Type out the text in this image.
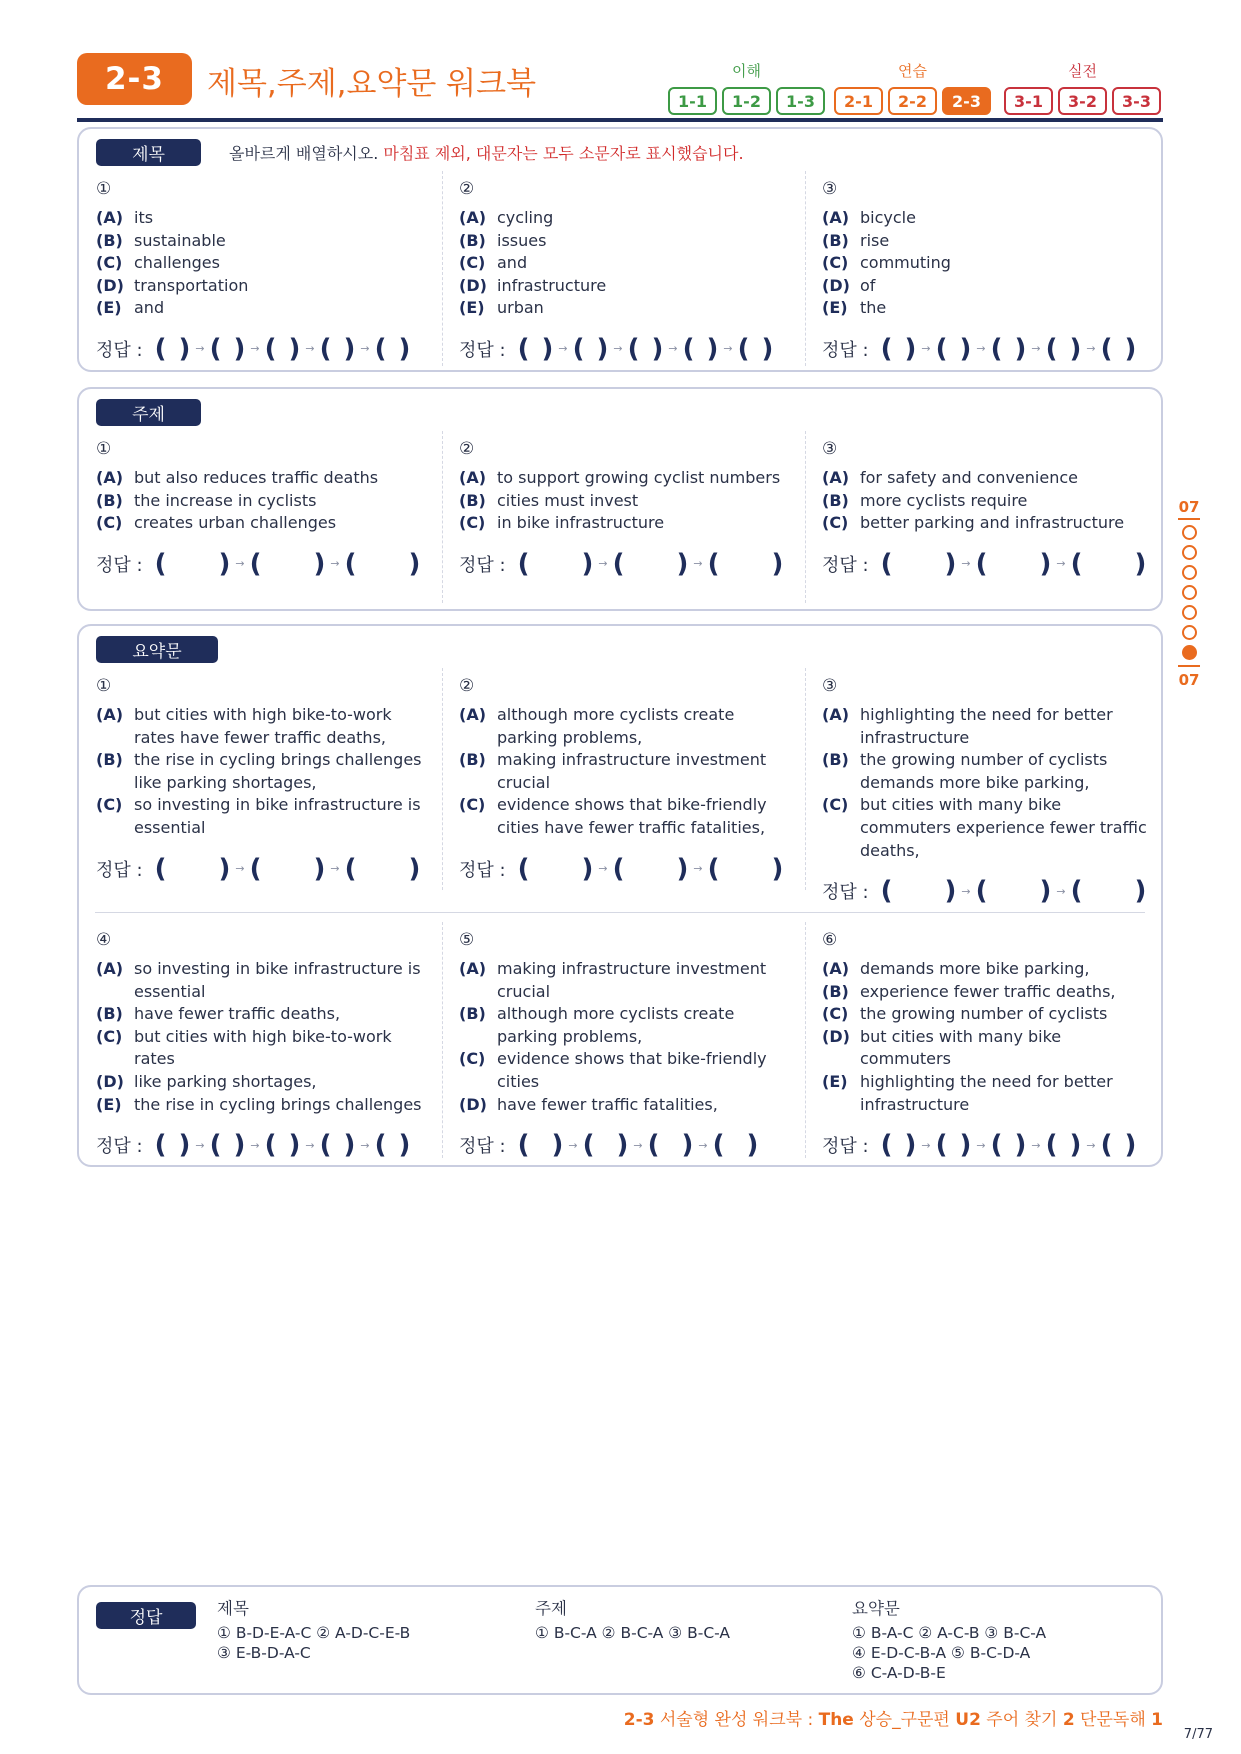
2-3	제목,주제,요약문 워크북	이해
1-1	1-2	1-3
연습
2-1	2-2	2-3
실전
3-1	3-2	3-3
제목	올바르게 배열하시오. 마침표 제외, 대문자는 모두 소문자로 표시했습니다.
①
(A) its
(B) sustainable
(C) challenges
(D) transportation
(E) and
정답 : ( ) → ( ) → ( ) → ( ) → ( )
②
(A) cycling
(B) issues
(C) and
(D) infrastructure
(E) urban
정답 : ( ) → ( ) → ( ) → ( ) → ( )
③
(A) bicycle
(B) rise
(C) commuting
(D) of
(E) the
정답 : ( ) → ( ) → ( ) → ( ) → ( )
주제
①
(A) but also reduces traffic deaths
(B) the increase in cyclists
(C) creates urban challenges
정답 : ( ) → ( ) → ( )
②
(A) to support growing cyclist numbers
(B) cities must invest
(C) in bike infrastructure
정답 : ( ) → ( ) → ( )
③
(A) for safety and convenience
(B) more cyclists require
(C) better parking and infrastructure
정답 : ( ) → ( ) → ( )
요약문
①
(A) but cities with high bike-to-work rates have fewer traffic deaths,
(B) the rise in cycling brings challenges like parking shortages,
(C) so investing in bike infrastructure is essential
정답 : ( ) → ( ) → ( )
②
(A) although more cyclists create parking problems,
(B) making infrastructure investment crucial
(C) evidence shows that bike-friendly cities have fewer traffic fatalities,
정답 : ( ) → ( ) → ( )
③
(A) highlighting the need for better infrastructure
(B) the growing number of cyclists demands more bike parking,
(C) but cities with many bike commuters experience fewer traffic deaths,
정답 : ( ) → ( ) → ( )
④
(A) so investing in bike infrastructure is essential
(B) have fewer traffic deaths,
(C) but cities with high bike-to-work rates
(D) like parking shortages,
(E) the rise in cycling brings challenges
정답 : ( ) → ( ) → ( ) → ( ) → ( )
⑤
(A) making infrastructure investment crucial
(B) although more cyclists create parking problems,
(C) evidence shows that bike-friendly cities
(D) have fewer traffic fatalities,
정답 : ( ) → ( ) → ( ) → ( )
⑥
(A) demands more bike parking,
(B) experience fewer traffic deaths,
(C) the growing number of cyclists
(D) but cities with many bike commuters
(E) highlighting the need for better infrastructure
정답 : ( ) → ( ) → ( ) → ( ) → ( )
07
07
정답	제목
① B-D-E-A-C ② A-D-C-E-B
③ E-B-D-A-C
주제
① B-C-A ② B-C-A ③ B-C-A
요약문
① B-A-C ② A-C-B ③ B-C-A
④ E-D-C-B-A ⑤ B-C-D-A
⑥ C-A-D-B-E
2-3 서술형 완성 워크북 : The 상승_구문편 U2 주어 찾기 2 단문독해 1
7/77
